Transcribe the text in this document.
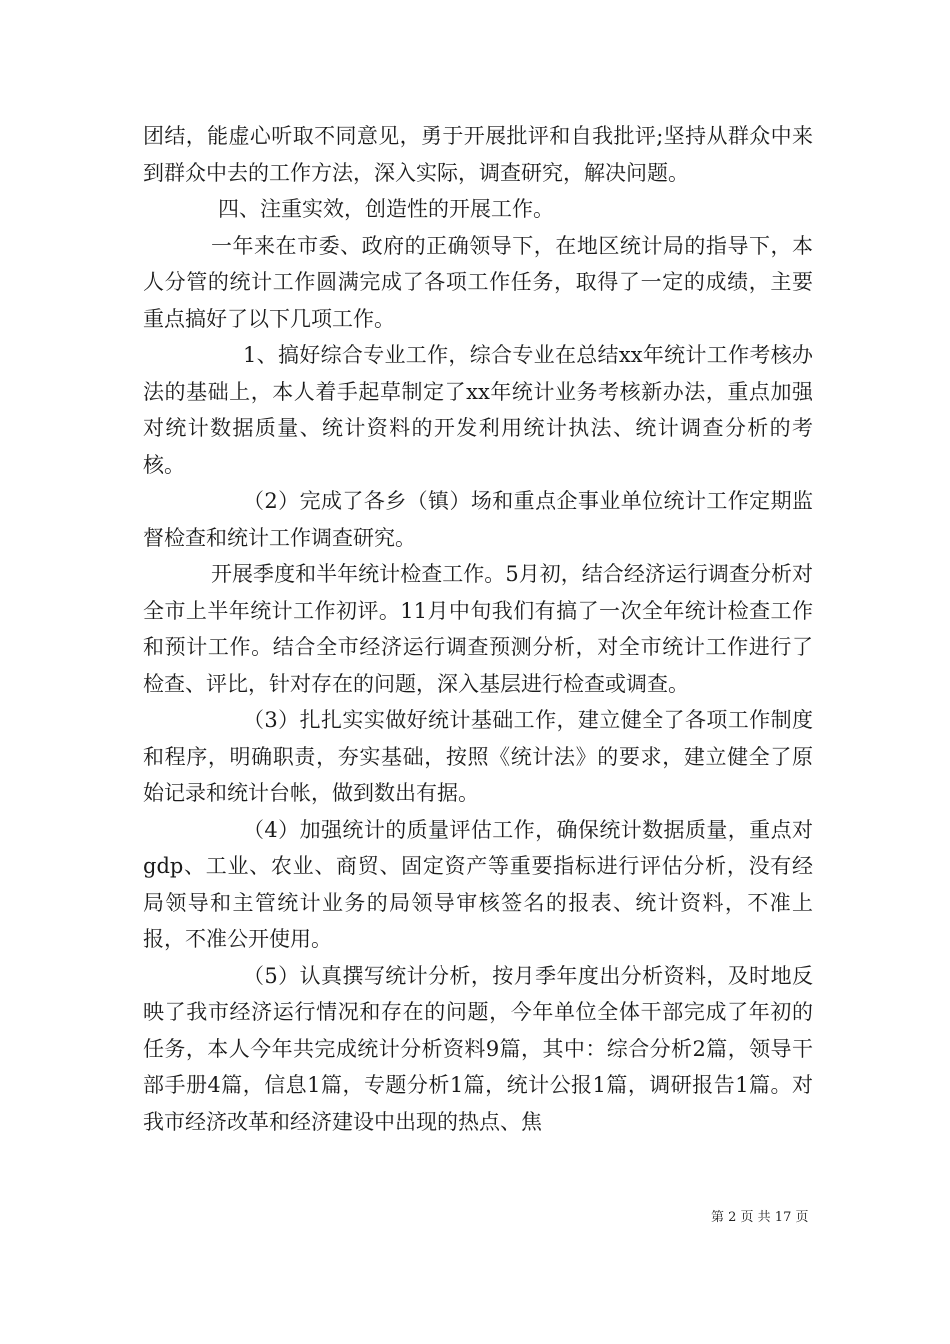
团结，能虚心听取不同意见，勇于开展批评和自我批评;坚持从群众中来到群众中去的工作方法，深入实际，调查研究，解决问题。

四、注重实效，创造性的开展工作。

一年来在市委、政府的正确领导下，在地区统计局的指导下，本人分管的统计工作圆满完成了各项工作任务，取得了一定的成绩，主要重点搞好了以下几项工作。

1、搞好综合专业工作，综合专业在总结xx年统计工作考核办法的基础上，本人着手起草制定了xx年统计业务考核新办法，重点加强对统计数据质量、统计资料的开发利用统计执法、统计调查分析的考核。

（2）完成了各乡（镇）场和重点企事业单位统计工作定期监督检查和统计工作调查研究。

开展季度和半年统计检查工作。5月初，结合经济运行调查分析对全市上半年统计工作初评。11月中旬我们有搞了一次全年统计检查工作和预计工作。结合全市经济运行调查预测分析，对全市统计工作进行了检查、评比，针对存在的问题，深入基层进行检查或调查。

（3）扎扎实实做好统计基础工作，建立健全了各项工作制度和程序，明确职责，夯实基础，按照《统计法》的要求，建立健全了原始记录和统计台帐，做到数出有据。

（4）加强统计的质量评估工作，确保统计数据质量，重点对gdp、工业、农业、商贸、固定资产等重要指标进行评估分析，没有经局领导和主管统计业务的局领导审核签名的报表、统计资料，不准上报，不准公开使用。

（5）认真撰写统计分析，按月季年度出分析资料，及时地反映了我市经济运行情况和存在的问题，今年单位全体干部完成了年初的任务，本人今年共完成统计分析资料9篇，其中：综合分析2篇，领导干部手册4篇，信息1篇，专题分析1篇，统计公报1篇，调研报告1篇。对我市经济改革和经济建设中出现的热点、焦

第 2 页 共 17 页
